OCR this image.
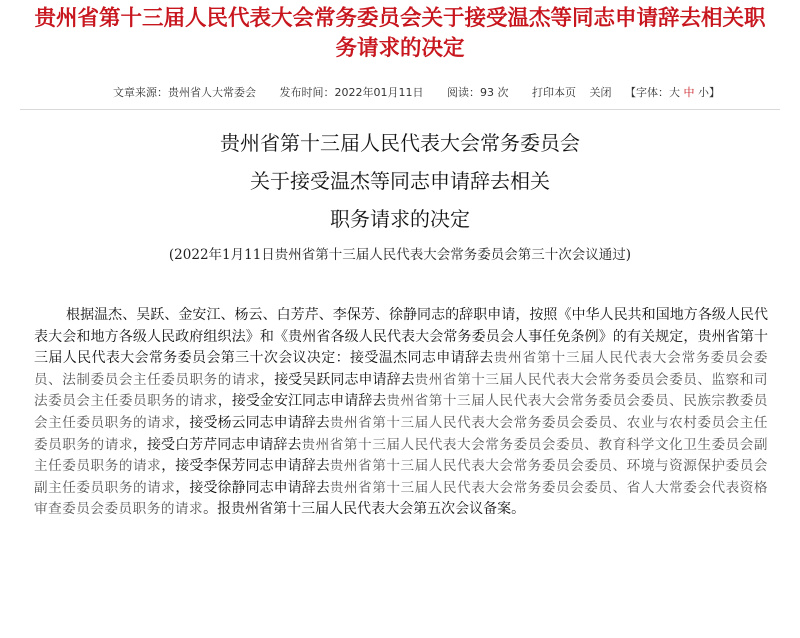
贵州省第十三届人民代表大会常务委员会关于接受温杰等同志申请辞去相关职务请求的决定
文章来源：贵州省人大常委会 发布时间：2022年01月11日 阅读：93 次 打印本页 关闭 【字体：大 中 小】
贵州省第十三届人民代表大会常务委员会
关于接受温杰等同志申请辞去相关
职务请求的决定
(2022年1月11日贵州省第十三届人民代表大会常务委员会第三十次会议通过)

根据温杰、吴跃、金安江、杨云、白芳芹、李保芳、徐静同志的辞职申请，按照《中华人民共和国地方各级人民代表大会和地方各级人民政府组织法》和《贵州省各级人民代表大会常务委员会人事任免条例》的有关规定，贵州省第十三届人民代表大会常务委员会第三十次会议决定：接受温杰同志申请辞去贵州省第十三届人民代表大会常务委员会委员、法制委员会主任委员职务的请求，接受吴跃同志申请辞去贵州省第十三届人民代表大会常务委员会委员、监察和司法委员会主任委员职务的请求，接受金安江同志申请辞去贵州省第十三届人民代表大会常务委员会委员、民族宗教委员会主任委员职务的请求，接受杨云同志申请辞去贵州省第十三届人民代表大会常务委员会委员、农业与农村委员会主任委员职务的请求，接受白芳芹同志申请辞去贵州省第十三届人民代表大会常务委员会委员、教育科学文化卫生委员会副主任委员职务的请求，接受李保芳同志申请辞去贵州省第十三届人民代表大会常务委员会委员、环境与资源保护委员会副主任委员职务的请求，接受徐静同志申请辞去贵州省第十三届人民代表大会常务委员会委员、省人大常委会代表资格审查委员会委员职务的请求。报贵州省第十三届人民代表大会第五次会议备案。
